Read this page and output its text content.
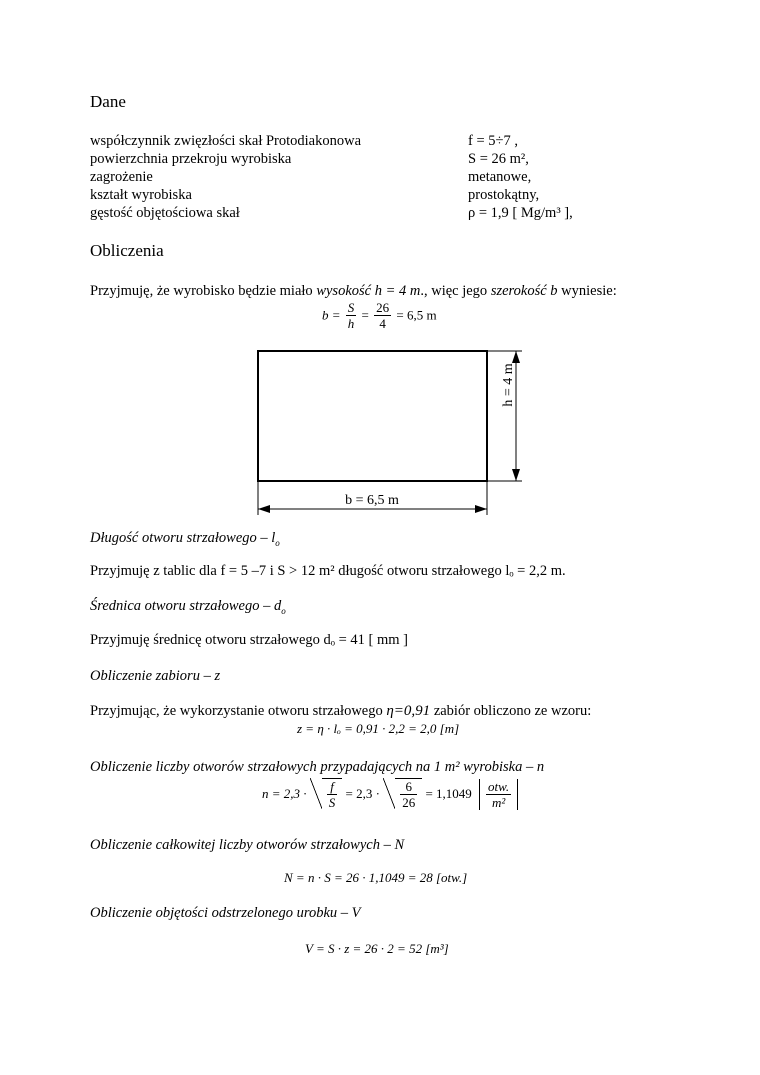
Dane
współczynnik zwięzłości skał Protodiakonowa	f = 5÷7 ,
powierzchnia przekroju wyrobiska	S = 26 m²,
zagrożenie	metanowe,
kształt wyrobiska	prostokątny,
gęstość objętościowa skał	ρ = 1,9 [ Mg/m³ ],
Obliczenia
Przyjmuję, że wyrobisko będzie miało wysokość h = 4 m., więc jego szerokość b wyniesie:
$b = \frac{S}{h} = \frac{26}{4} = 6,5$ m
b = 6,5 m
h = 4 m
Długość otworu strzałowego – $l_o$
Przyjmuję z tablic dla f = 5 –7 i S > 12 m² długość otworu strzałowego lₒ = 2,2 m.
Średnica otworu strzałowego – $d_o$
Przyjmuję średnicę otworu strzałowego dₒ = 41 [ mm ]
Obliczenie zabioru – z
Przyjmując, że wykorzystanie otworu strzałowego η=0,91 zabiór obliczono ze wzoru:
z = η · lₒ = 0,91 · 2,2 = 2,0 [m]
Obliczenie liczby otworów strzałowych przypadających na 1 m² wyrobiska – n
$n = 2,3 \cdot \frac{f}{S} = 2,3 \cdot \frac{6}{26} = 1,1049 \frac{\text{otw.}}{\text{m²}}$
Obliczenie całkowitej liczby otworów strzałowych – N
N = n · S = 26 · 1,1049 = 28 [otw.]
Obliczenie objętości odstrzelonego urobku – V
V = S · z = 26 · 2 = 52 [m³]
